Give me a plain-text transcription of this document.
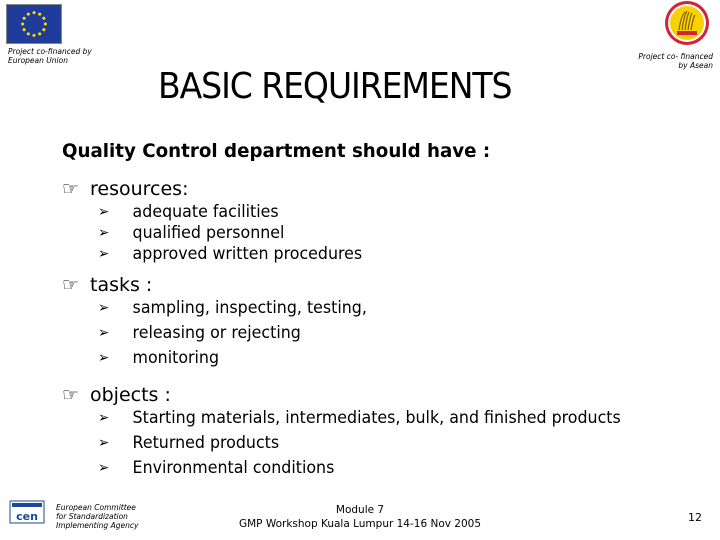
Project co-financed by
European Union	Project co- financed
by Asean
BASIC REQUIREMENTS
Quality Control department should have :
☞ resources:
➢	adequate facilities
➢	qualified personnel
➢	approved written procedures
☞ tasks :
➢	sampling, inspecting, testing,
➢	releasing or rejecting
➢	monitoring
☞ objects :
➢	Starting materials, intermediates, bulk, and finished products
➢	Returned products
➢	Environmental conditions
cen
European Committee
for Standardization
Implementing Agency
Module 7
GMP Workshop Kuala Lumpur 14-16 Nov 2005	12
